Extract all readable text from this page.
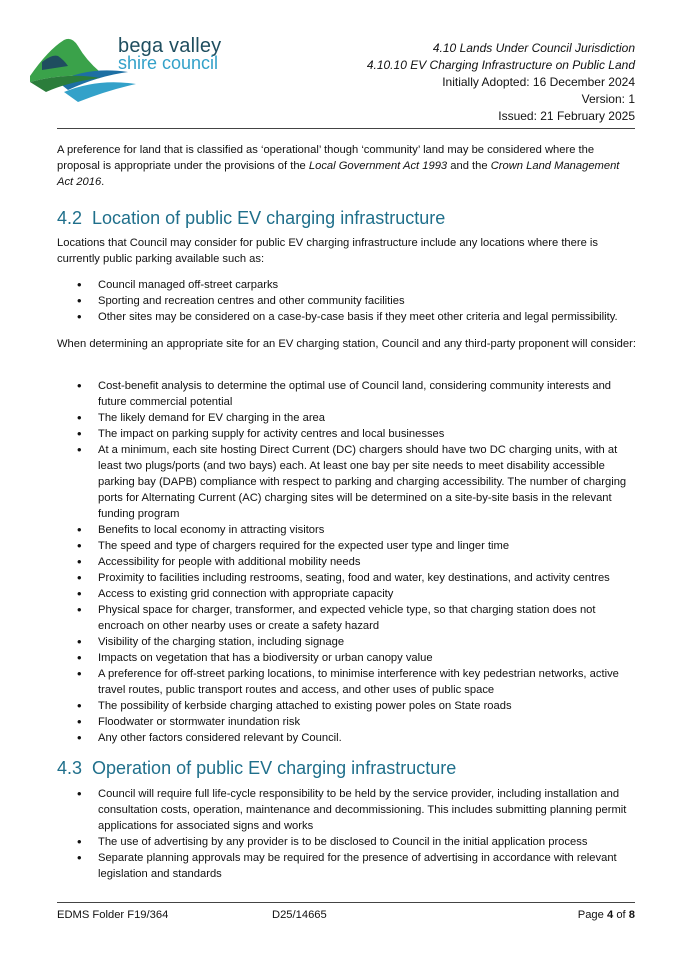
bega valley
shire council
4.10 Lands Under Council Jurisdiction
4.10.10 EV Charging Infrastructure on Public Land
Initially Adopted: 16 December 2024
Version: 1
Issued: 21 February 2025
A preference for land that is classified as ‘operational’ though ‘community’ land may be considered where the proposal is appropriate under the provisions of the Local Government Act 1993 and the Crown Land Management Act 2016.
4.2 Location of public EV charging infrastructure
Locations that Council may consider for public EV charging infrastructure include any locations where there is currently public parking available such as:
• Council managed off-street carparks
• Sporting and recreation centres and other community facilities
• Other sites may be considered on a case-by-case basis if they meet other criteria and legal permissibility.
When determining an appropriate site for an EV charging station, Council and any third-party proponent will consider:
• Cost-benefit analysis to determine the optimal use of Council land, considering community interests and future commercial potential
• The likely demand for EV charging in the area
• The impact on parking supply for activity centres and local businesses
• At a minimum, each site hosting Direct Current (DC) chargers should have two DC charging units, with at least two plugs/ports (and two bays) each. At least one bay per site needs to meet disability accessible parking bay (DAPB) compliance with respect to parking and charging accessibility. The number of charging ports for Alternating Current (AC) charging sites will be determined on a site-by-site basis in the relevant funding program
• Benefits to local economy in attracting visitors
• The speed and type of chargers required for the expected user type and linger time
• Accessibility for people with additional mobility needs
• Proximity to facilities including restrooms, seating, food and water, key destinations, and activity centres
• Access to existing grid connection with appropriate capacity
• Physical space for charger, transformer, and expected vehicle type, so that charging station does not encroach on other nearby uses or create a safety hazard
• Visibility of the charging station, including signage
• Impacts on vegetation that has a biodiversity or urban canopy value
• A preference for off-street parking locations, to minimise interference with key pedestrian networks, active travel routes, public transport routes and access, and other uses of public space
• The possibility of kerbside charging attached to existing power poles on State roads
• Floodwater or stormwater inundation risk
• Any other factors considered relevant by Council.
4.3 Operation of public EV charging infrastructure
• Council will require full life-cycle responsibility to be held by the service provider, including installation and consultation costs, operation, maintenance and decommissioning. This includes submitting planning permit applications for associated signs and works
• The use of advertising by any provider is to be disclosed to Council in the initial application process
• Separate planning approvals may be required for the presence of advertising in accordance with relevant legislation and standards
EDMS Folder F19/364	D25/14665	Page 4 of 8
